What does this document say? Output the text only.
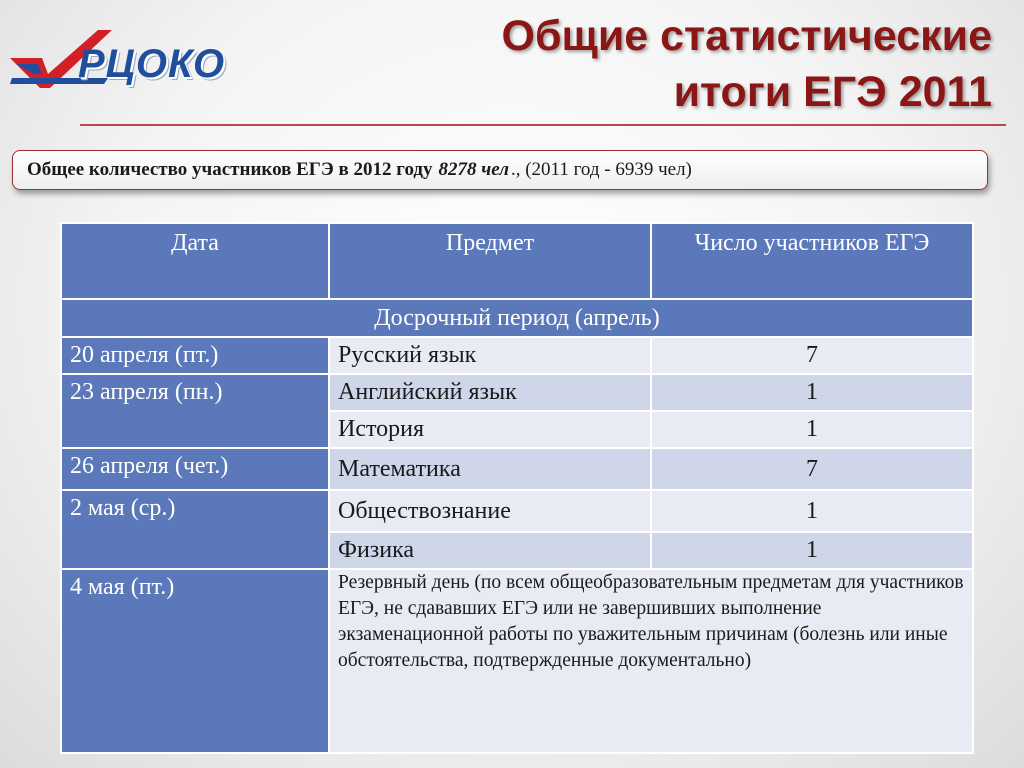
РЦОКО
Общие статистические
итоги ЕГЭ 2011
Общее количество участников ЕГЭ в 2012 году 8278 чел ., (2011 год - 6939 чел)
Дата	Предмет	Число участников ЕГЭ
Досрочный период (апрель)		
20 апреля (пт.)	Русский язык	7
23 апреля (пн.)	Английский язык	1
	История	1
26 апреля (чет.)	Математика	7
2 мая (ср.)	Обществознание	1
	Физика	1
4 мая (пт.)	Резервный день (по всем общеобразовательным предметам для участников ЕГЭ, не сдававших ЕГЭ или не завершивших выполнение экзаменационной работы по уважительным причинам (болезнь или иные обстоятельства, подтвержденные документально)	
